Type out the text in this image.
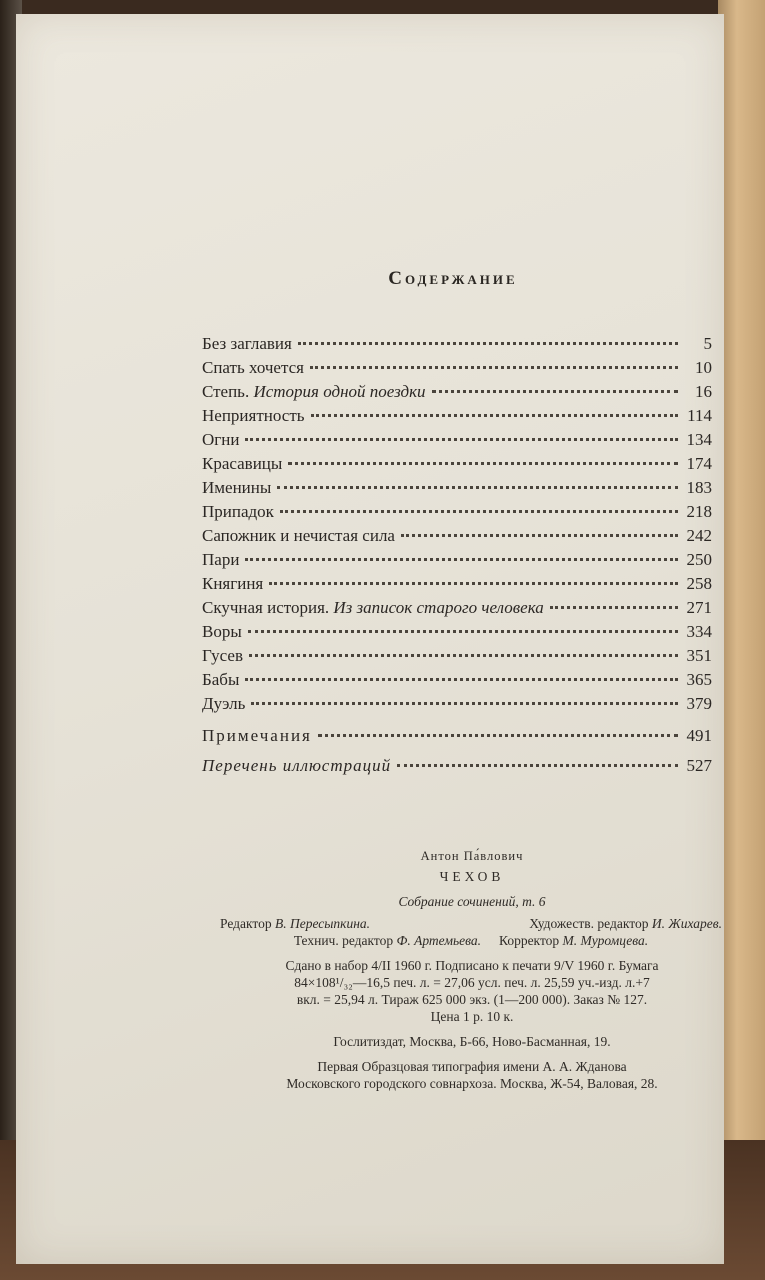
Содержание
Без заглавия	5
Спать хочется	10
Степь. История одной поездки	16
Неприятность	114
Огни	134
Красавицы	174
Именины	183
Припадок	218
Сапожник и нечистая сила	242
Пари	250
Княгиня	258
Скучная история. Из записок старого человека	271
Воры	334
Гусев	351
Бабы	365
Дуэль	379
Примечания	491
Перечень иллюстраций	527
Антон Па́влович
ЧЕХОВ
Собрание сочинений, т. 6
Редактор В. Пересыпкина.	Художеств. редактор И. Жихарев.
Технич. редактор Ф. Артемьева. Корректор М. Муромцева.
Сдано в набор 4/II 1960 г. Подписано к печати 9/V 1960 г. Бумага
84×108¹/₃₂—16,5 печ. л. = 27,06 усл. печ. л. 25,59 уч.-изд. л.+7
вкл. = 25,94 л. Тираж 625 000 экз. (1—200 000). Заказ № 127.
Цена 1 р. 10 к.
Гослитиздат, Москва, Б-66, Ново-Басманная, 19.
Первая Образцовая типография имени А. А. Жданова
Московского городского совнархоза. Москва, Ж-54, Валовая, 28.
